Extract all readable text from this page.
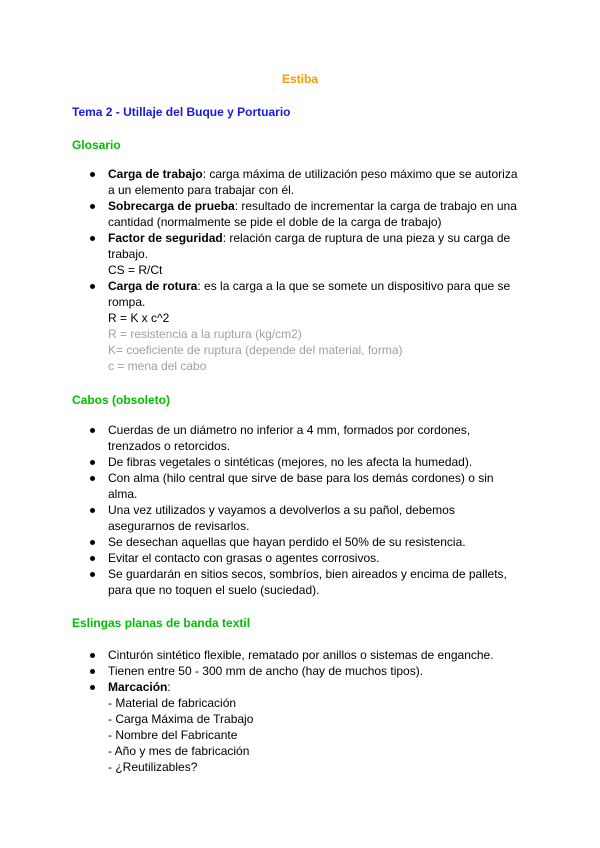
Estiba
Tema 2 - Utillaje del Buque y Portuario
Glosario
Carga de trabajo: carga máxima de utilización peso máximo que se autoriza
a un elemento para trabajar con él.
Sobrecarga de prueba: resultado de incrementar la carga de trabajo en una
cantidad (normalmente se pide el doble de la carga de trabajo)
Factor de seguridad: relación carga de ruptura de una pieza y su carga de
trabajo.
CS = R/Ct
Carga de rotura: es la carga a la que se somete un dispositivo para que se
rompa.
R = K x c^2
R = resistencia a la ruptura (kg/cm2)
K= coeficiente de ruptura (depende del material, forma)
c = mena del cabo
Cabos (obsoleto)
Cuerdas de un diámetro no inferior a 4 mm, formados por cordones,
trenzados o retorcidos.
De fibras vegetales o sintéticas (mejores, no les afecta la humedad).
Con alma (hilo central que sirve de base para los demás cordones) o sin
alma.
Una vez utilizados y vayamos a devolverlos a su pañol, debemos
asegurarnos de revisarlos.
Se desechan aquellas que hayan perdido el 50% de su resistencia.
Evitar el contacto con grasas o agentes corrosivos.
Se guardarán en sitios secos, sombríos, bien aireados y encima de pallets,
para que no toquen el suelo (suciedad).
Eslingas planas de banda textil
Cinturón sintético flexible, rematado por anillos o sistemas de enganche.
Tienen entre 50 - 300 mm de ancho (hay de muchos tipos).
Marcación:
- Material de fabricación
- Carga Máxima de Trabajo
- Nombre del Fabricante
- Año y mes de fabricación
- ¿Reutilizables?
